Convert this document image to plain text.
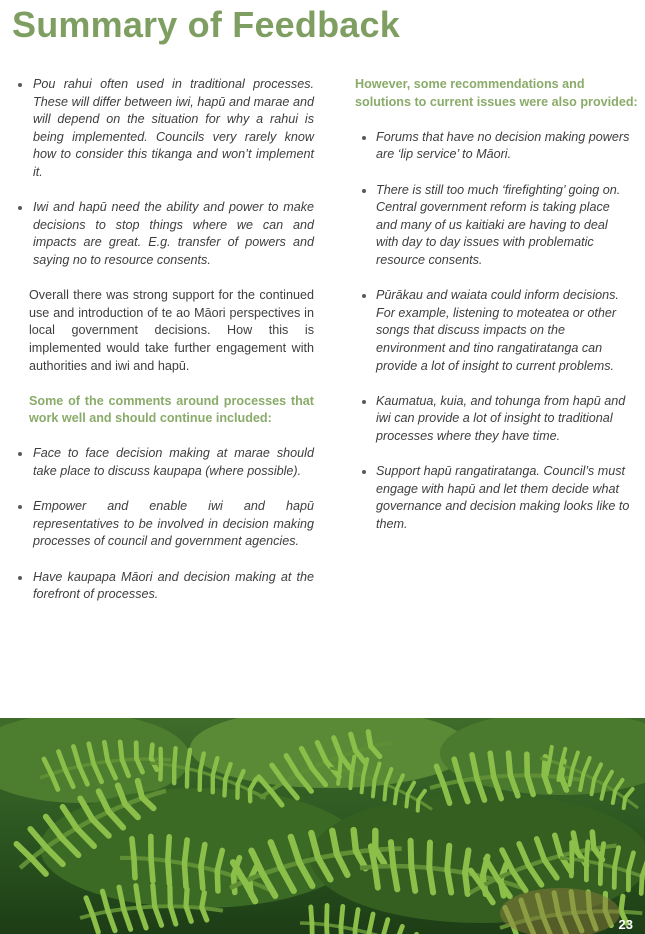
Summary of Feedback
Pou rahui often used in traditional processes. These will differ between iwi, hapū and marae and will depend on the situation for why a rahui is being implemented. Councils very rarely know how to consider this tikanga and won’t implement it.
Iwi and hapū need the ability and power to make decisions to stop things where we can and impacts are great. E.g. transfer of powers and saying no to resource consents.
Overall there was strong support for the continued use and introduction of te ao Māori perspectives in local government decisions. How this is implemented would take further engagement with authorities and iwi and hapū.
Some of the comments around processes that work well and should continue included:
Face to face decision making at marae should take place to discuss kaupapa (where possible).
Empower and enable iwi and hapū representatives to be involved in decision making processes of council and government agencies.
Have kaupapa Māori and decision making at the forefront of processes.
However, some recommendations and
solutions to current issues were also provided:
Forums that have no decision making powers
are ‘lip service’ to Māori.
There is still too much ‘firefighting’ going on.
Central government reform is taking place
and many of us kaitiaki are having to deal
with day to day issues with problematic
resource consents.
Pūrākau and waiata could inform decisions.
For example, listening to moteatea or other
songs that discuss impacts on the
environment and tino rangatiratanga can
provide a lot of insight to current problems.
Kaumatua, kuia, and tohunga from hapū and
iwi can provide a lot of insight to traditional
processes where they have time.
Support hapū rangatiratanga. Council’s must
engage with hapū and let them decide what
governance and decision making looks like to
them.
23
